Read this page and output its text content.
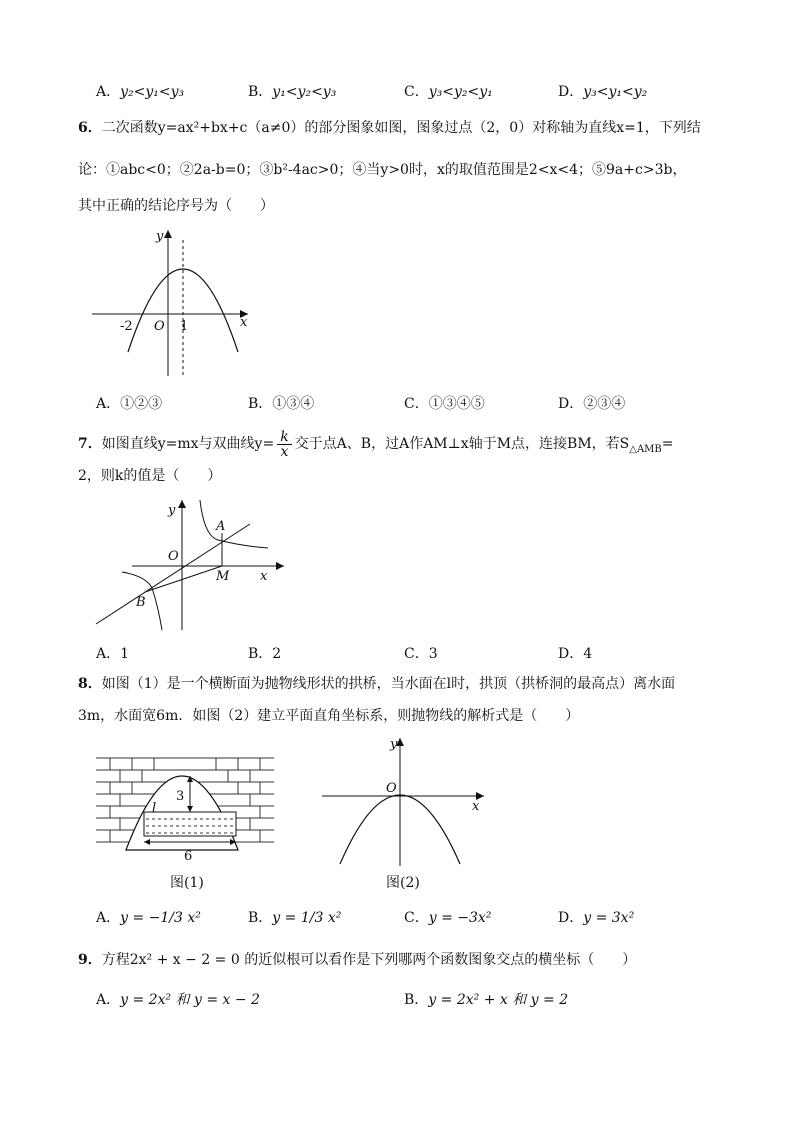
A．y₂<y₁<y₃	B．y₁<y₂<y₃	C．y₃<y₂<y₁	D．y₃<y₁<y₂
6．二次函数y=ax²+bx+c（a≠0）的部分图象如图，图象过点（2，0）对称轴为直线x=1，下列结
论：①abc<0；②2a-b=0；③b²-4ac>0；④当y>0时，x的取值范围是2<x<4；⑤9a+c>3b，
其中正确的结论序号为（　　）
y
x
-2 O 1
A．①②③	B．①③④	C．①③④⑤	D．②③④
7．如图直线y=mx与双曲线$y= \frac{k}{x}$ 交于点A、B，过A作AM⊥x轴于M点，连接BM，若$S_{\triangle AMB}=$
2，则k的值是（　　）
y
x
O
A
B
M
A．1	B．2	C．3	D．4
8．如图（1）是一个横断面为抛物线形状的拱桥，当水面在l时，拱顶（拱桥洞的最高点）离水面
3m，水面宽6m．如图（2）建立平面直角坐标系，则抛物线的解析式是（　　）
3
6
l
图(1)
y
x
O
图(2)
A．y = −1/3 x²	B．y = 1/3 x²	C．y = −3x²	D．y = 3x²
9．方程2x² + x − 2 = 0 的近似根可以看作是下列哪两个函数图象交点的横坐标（　　）
A．y = 2x² 和 y = x − 2	B．y = 2x² + x 和 y = 2
